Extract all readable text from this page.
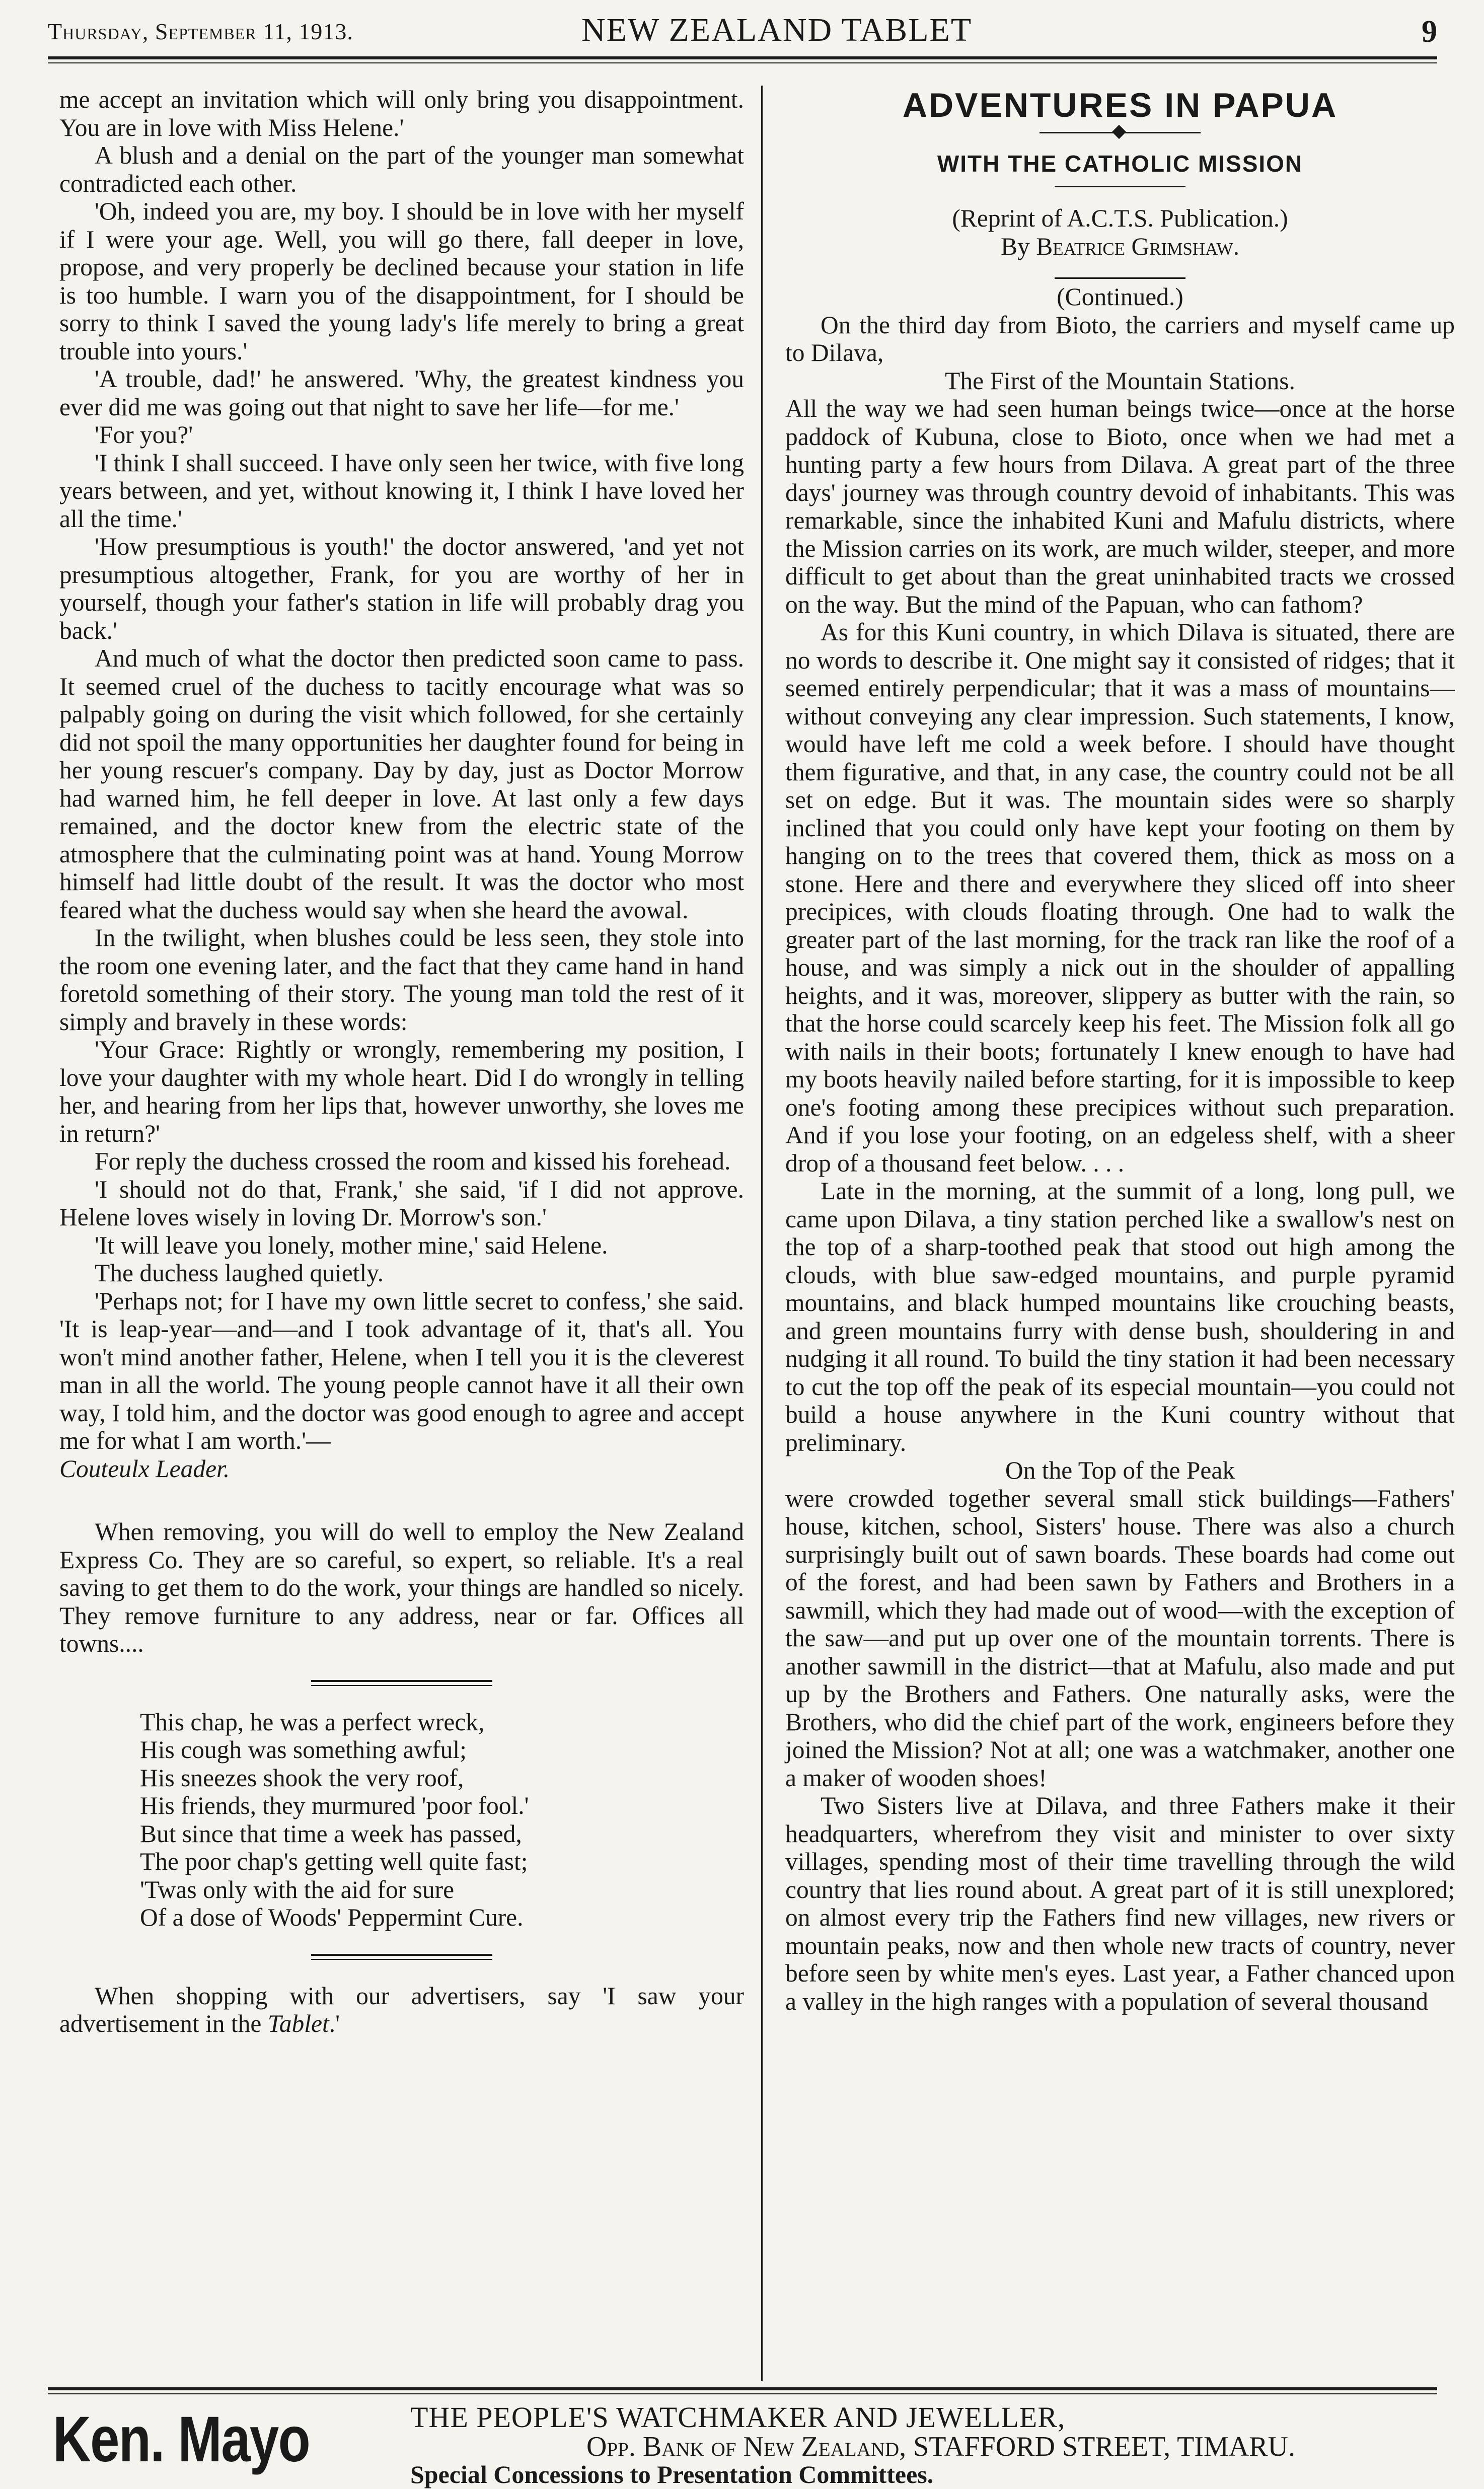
Thursday, September 11, 1913.	NEW ZEALAND TABLET	9

me accept an invitation which will only bring you disappointment. You are in love with Miss Helene.'

A blush and a denial on the part of the younger man somewhat contradicted each other.

'Oh, indeed you are, my boy. I should be in love with her myself if I were your age. Well, you will go there, fall deeper in love, propose, and very properly be declined because your station in life is too humble. I warn you of the disappointment, for I should be sorry to think I saved the young lady's life merely to bring a great trouble into yours.'

'A trouble, dad!' he answered. 'Why, the greatest kindness you ever did me was going out that night to save her life—for me.'

'For you?'

'I think I shall succeed. I have only seen her twice, with five long years between, and yet, without knowing it, I think I have loved her all the time.'

'How presumptious is youth!' the doctor answered, 'and yet not presumptious altogether, Frank, for you are worthy of her in yourself, though your father's station in life will probably drag you back.'

And much of what the doctor then predicted soon came to pass. It seemed cruel of the duchess to tacitly encourage what was so palpably going on during the visit which followed, for she certainly did not spoil the many opportunities her daughter found for being in her young rescuer's company. Day by day, just as Doctor Morrow had warned him, he fell deeper in love. At last only a few days remained, and the doctor knew from the electric state of the atmosphere that the culminating point was at hand. Young Morrow himself had little doubt of the result. It was the doctor who most feared what the duchess would say when she heard the avowal.

In the twilight, when blushes could be less seen, they stole into the room one evening later, and the fact that they came hand in hand foretold something of their story. The young man told the rest of it simply and bravely in these words:

'Your Grace: Rightly or wrongly, remembering my position, I love your daughter with my whole heart. Did I do wrongly in telling her, and hearing from her lips that, however unworthy, she loves me in return?'

For reply the duchess crossed the room and kissed his forehead.

'I should not do that, Frank,' she said, 'if I did not approve. Helene loves wisely in loving Dr. Morrow's son.'

'It will leave you lonely, mother mine,' said Helene.

The duchess laughed quietly.

'Perhaps not; for I have my own little secret to confess,' she said. 'It is leap-year—and—and I took advantage of it, that's all. You won't mind another father, Helene, when I tell you it is the cleverest man in all the world. The young people cannot have it all their own way, I told him, and the doctor was good enough to agree and accept me for what I am worth.'—

Couteulx Leader.

When removing, you will do well to employ the New Zealand Express Co. They are so careful, so expert, so reliable. It's a real saving to get them to do the work, your things are handled so nicely. They remove furniture to any address, near or far. Offices all towns....

This chap, he was a perfect wreck,
His cough was something awful;
His sneezes shook the very roof,
His friends, they murmured 'poor fool.'
But since that time a week has passed,
The poor chap's getting well quite fast;
'Twas only with the aid for sure
Of a dose of Woods' Peppermint Cure.

When shopping with our advertisers, say 'I saw your advertisement in the Tablet.'

ADVENTURES IN PAPUA
WITH THE CATHOLIC MISSION

(Reprint of A.C.T.S. Publication.)

By Beatrice Grimshaw.

(Continued.)

On the third day from Bioto, the carriers and myself came up to Dilava,

The First of the Mountain Stations.

All the way we had seen human beings twice—once at the horse paddock of Kubuna, close to Bioto, once when we had met a hunting party a few hours from Dilava. A great part of the three days' journey was through country devoid of inhabitants. This was remarkable, since the inhabited Kuni and Mafulu districts, where the Mission carries on its work, are much wilder, steeper, and more difficult to get about than the great uninhabited tracts we crossed on the way. But the mind of the Papuan, who can fathom?

As for this Kuni country, in which Dilava is situated, there are no words to describe it. One might say it consisted of ridges; that it seemed entirely perpendicular; that it was a mass of mountains—without conveying any clear impression. Such statements, I know, would have left me cold a week before. I should have thought them figurative, and that, in any case, the country could not be all set on edge. But it was. The mountain sides were so sharply inclined that you could only have kept your footing on them by hanging on to the trees that covered them, thick as moss on a stone. Here and there and everywhere they sliced off into sheer precipices, with clouds floating through. One had to walk the greater part of the last morning, for the track ran like the roof of a house, and was simply a nick out in the shoulder of appalling heights, and it was, moreover, slippery as butter with the rain, so that the horse could scarcely keep his feet. The Mission folk all go with nails in their boots; fortunately I knew enough to have had my boots heavily nailed before starting, for it is impossible to keep one's footing among these precipices without such preparation. And if you lose your footing, on an edgeless shelf, with a sheer drop of a thousand feet below. . . .

Late in the morning, at the summit of a long, long pull, we came upon Dilava, a tiny station perched like a swallow's nest on the top of a sharp-toothed peak that stood out high among the clouds, with blue saw-edged mountains, and purple pyramid mountains, and black humped mountains like crouching beasts, and green mountains furry with dense bush, shouldering in and nudging it all round. To build the tiny station it had been necessary to cut the top off the peak of its especial mountain—you could not build a house anywhere in the Kuni country without that preliminary.

On the Top of the Peak

were crowded together several small stick buildings—Fathers' house, kitchen, school, Sisters' house. There was also a church surprisingly built out of sawn boards. These boards had come out of the forest, and had been sawn by Fathers and Brothers in a sawmill, which they had made out of wood—with the exception of the saw—and put up over one of the mountain torrents. There is another sawmill in the district—that at Mafulu, also made and put up by the Brothers and Fathers. One naturally asks, were the Brothers, who did the chief part of the work, engineers before they joined the Mission? Not at all; one was a watchmaker, another one a maker of wooden shoes!

Two Sisters live at Dilava, and three Fathers make it their headquarters, wherefrom they visit and minister to over sixty villages, spending most of their time travelling through the wild country that lies round about. A great part of it is still unexplored; on almost every trip the Fathers find new villages, new rivers or mountain peaks, now and then whole new tracts of country, never before seen by white men's eyes. Last year, a Father chanced upon a valley in the high ranges with a population of several thousand

Ken. Mayo	THE PEOPLE'S WATCHMAKER AND JEWELLER,
Opp. Bank of New Zealand, STAFFORD STREET, TIMARU.
Special Concessions to Presentation Committees.
